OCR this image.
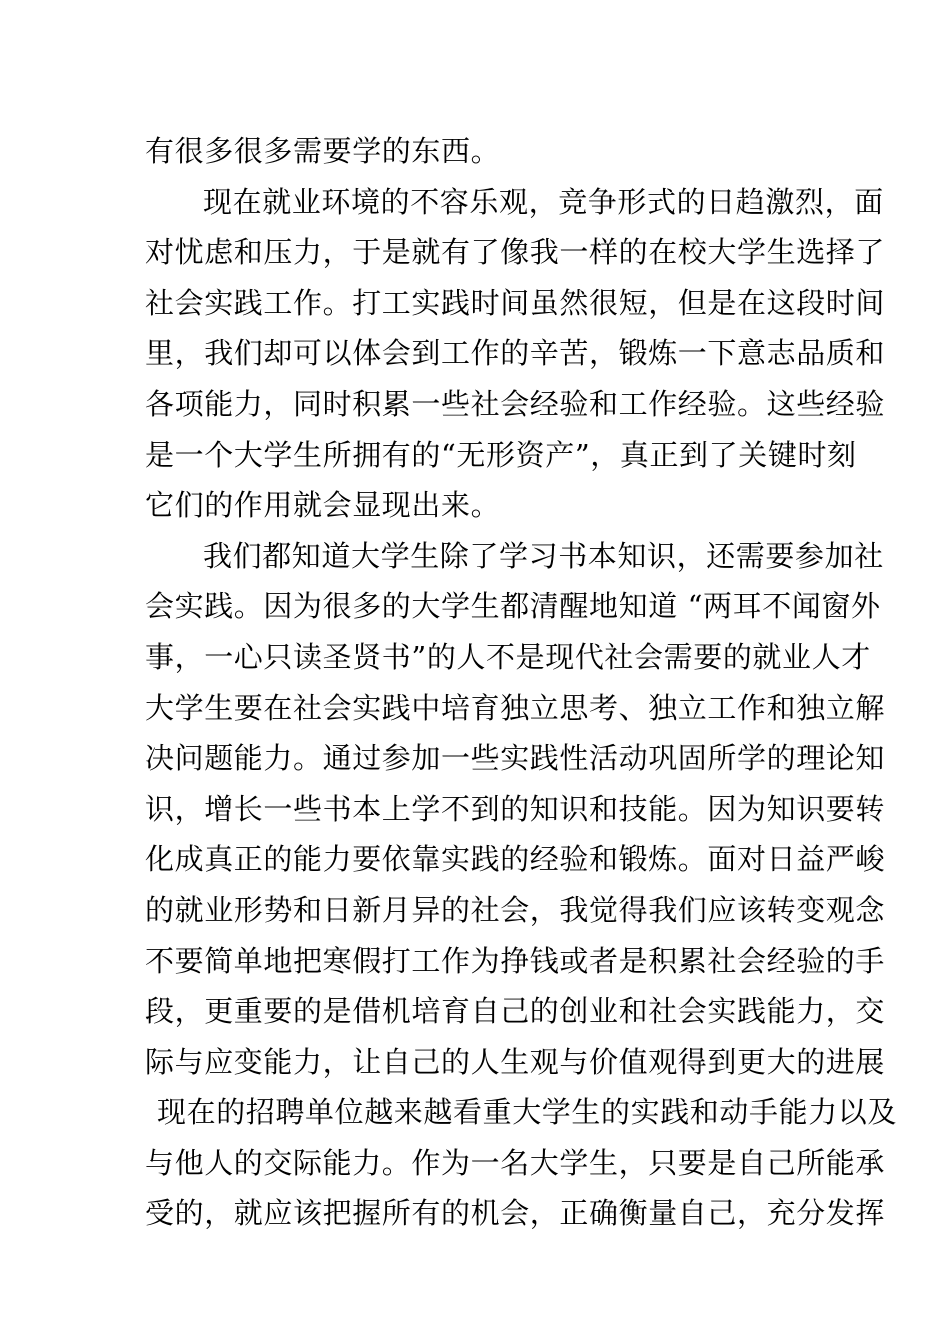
有很多很多需要学的东西。
现在就业环境的不容乐观，竞争形式的日趋激烈，面
对忧虑和压力，于是就有了像我一样的在校大学生选择了
社会实践工作。打工实践时间虽然很短，但是在这段时间
里，我们却可以体会到工作的辛苦，锻炼一下意志品质和
各项能力，同时积累一些社会经验和工作经验。这些经验
是一个大学生所拥有的“无形资产”，真正到了关键时刻
它们的作用就会显现出来。
我们都知道大学生除了学习书本知识，还需要参加社
会实践。因为很多的大学生都清醒地知道 “两耳不闻窗外
事，一心只读圣贤书”的人不是现代社会需要的就业人才
大学生要在社会实践中培育独立思考、独立工作和独立解
决问题能力。通过参加一些实践性活动巩固所学的理论知
识，增长一些书本上学不到的知识和技能。因为知识要转
化成真正的能力要依靠实践的经验和锻炼。面对日益严峻
的就业形势和日新月异的社会，我觉得我们应该转变观念
不要简单地把寒假打工作为挣钱或者是积累社会经验的手
段，更重要的是借机培育自己的创业和社会实践能力，交
际与应变能力，让自己的人生观与价值观得到更大的进展
现在的招聘单位越来越看重大学生的实践和动手能力以及
与他人的交际能力。作为一名大学生，只要是自己所能承
受的，就应该把握所有的机会，正确衡量自己，充分发挥
